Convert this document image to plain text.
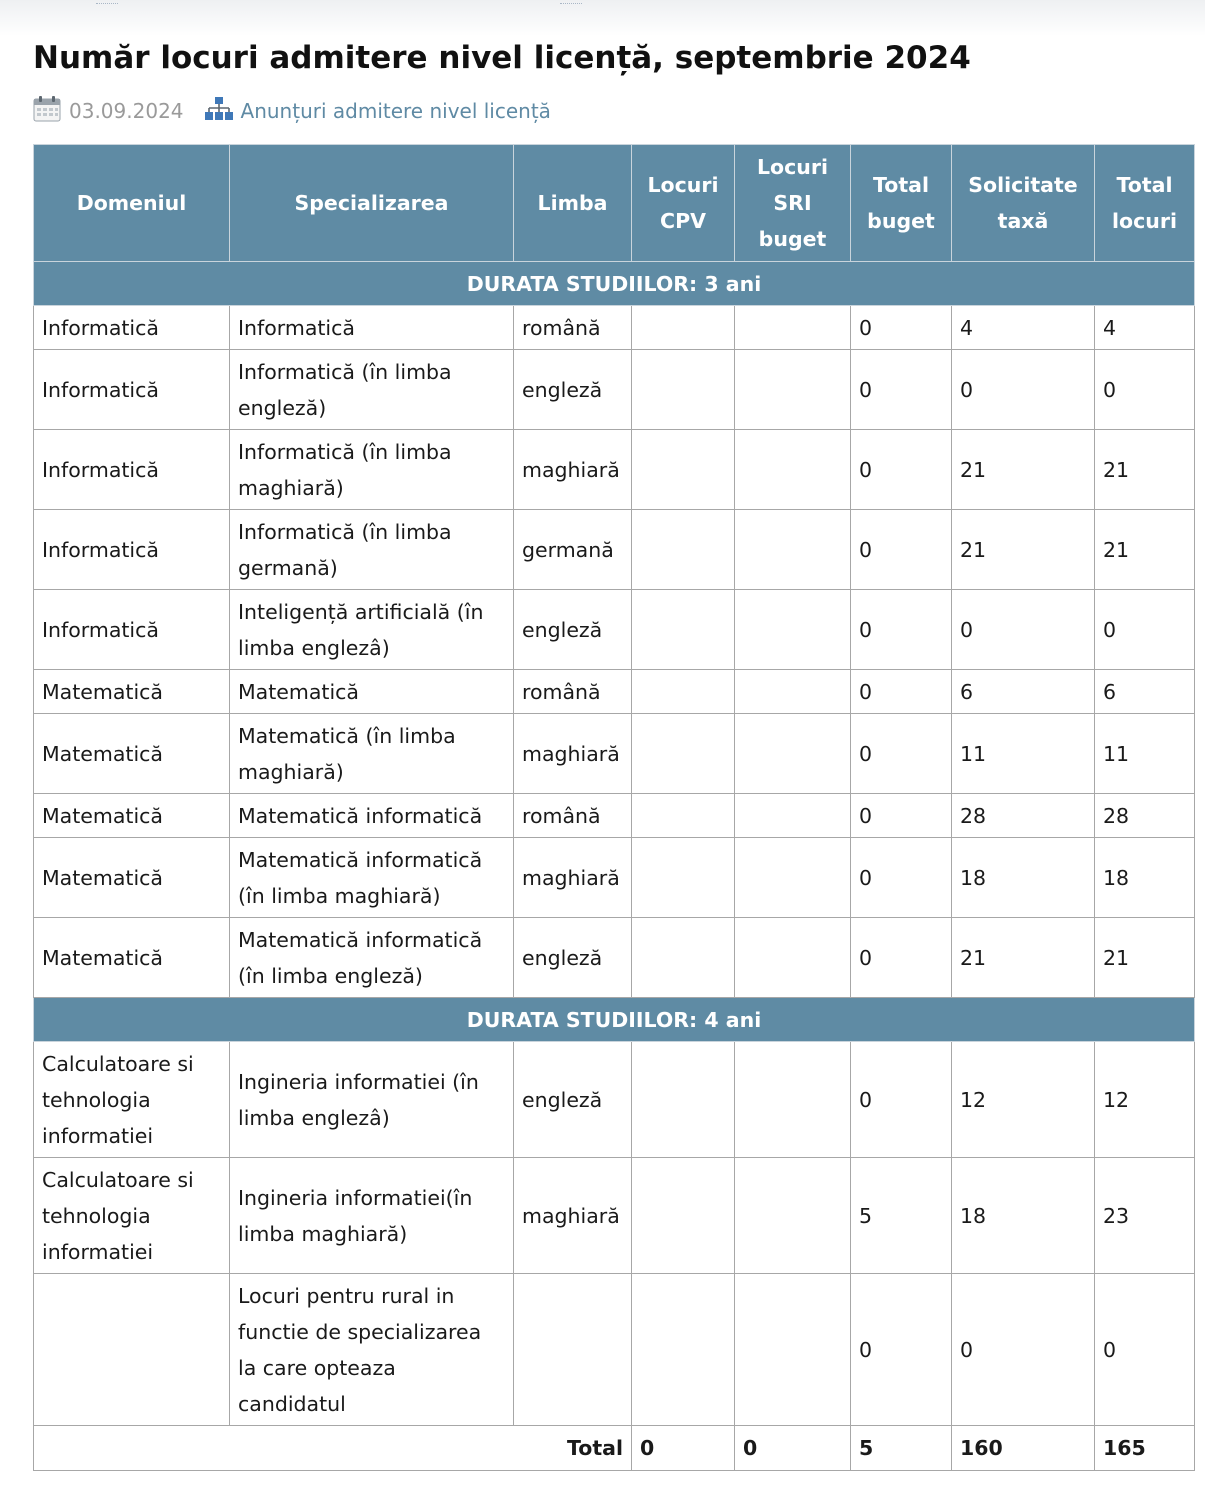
Număr locuri admitere nivel licență, septembrie 2024
03.09.2024	Anunțuri admitere nivel licență
Domeniul	Specializarea	Limba	Locuri CPV	Locuri SRI buget	Total buget	Solicitate taxă	Total locuri
DURATA STUDIILOR: 3 ani							
Informatică	Informatică	română			0	4	4
Informatică	Informatică (în limba engleză)	engleză			0	0	0
Informatică	Informatică (în limba maghiară)	maghiară			0	21	21
Informatică	Informatică (în limba germană)	germană			0	21	21
Informatică	Inteligență artificială (în limba englezâ)	engleză			0	0	0
Matematică	Matematică	română			0	6	6
Matematică	Matematică (în limba maghiară)	maghiară			0	11	11
Matematică	Matematică informatică	română			0	28	28
Matematică	Matematică informatică (în limba maghiară)	maghiară			0	18	18
Matematică	Matematică informatică (în limba engleză)	engleză			0	21	21
DURATA STUDIILOR: 4 ani							
Calculatoare si tehnologia informatiei	Ingineria informatiei (în limba englezâ)	engleză			0	12	12
Calculatoare si tehnologia informatiei	Ingineria informatiei(în limba maghiară)	maghiară			5	18	23
	Locuri pentru rural in functie de specializarea la care opteaza candidatul				0	0	0
Total			0	0	5	160	165
